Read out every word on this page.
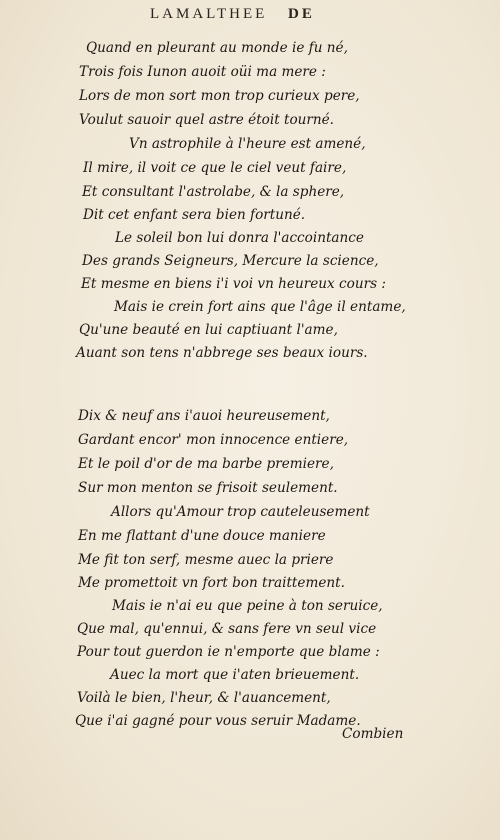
LAMALTHEE DE
Quand en pleurant au monde ie fu né,
Trois fois Iunon auoit oüi ma mere :
Lors de mon sort mon trop curieux pere,
Voulut sauoir quel astre étoit tourné.
Vn astrophile à l'heure est amené,
Il mire, il voit ce que le ciel veut faire,
Et consultant l'astrolabe, & la sphere,
Dit cet enfant sera bien fortuné.
Le soleil bon lui donra l'accointance
Des grands Seigneurs, Mercure la science,
Et mesme en biens i'i voi vn heureux cours :
Mais ie crein fort ains que l'âge il entame,
Qu'une beauté en lui captiuant l'ame,
Auant son tens n'abbrege ses beaux iours.
Dix & neuf ans i'auoi heureusement,
Gardant encor' mon innocence entiere,
Et le poil d'or de ma barbe premiere,
Sur mon menton se frisoit seulement.
Allors qu'Amour trop cauteleusement
En me flattant d'une douce maniere
Me fit ton serf, mesme auec la priere
Me promettoit vn fort bon traittement.
Mais ie n'ai eu que peine à ton seruice,
Que mal, qu'ennui, & sans fere vn seul vice
Pour tout guerdon ie n'emporte que blame :
Auec la mort que i'aten brieuement.
Voilà le bien, l'heur, & l'auancement,
Que i'ai gagné pour vous seruir Madame.
Combien
